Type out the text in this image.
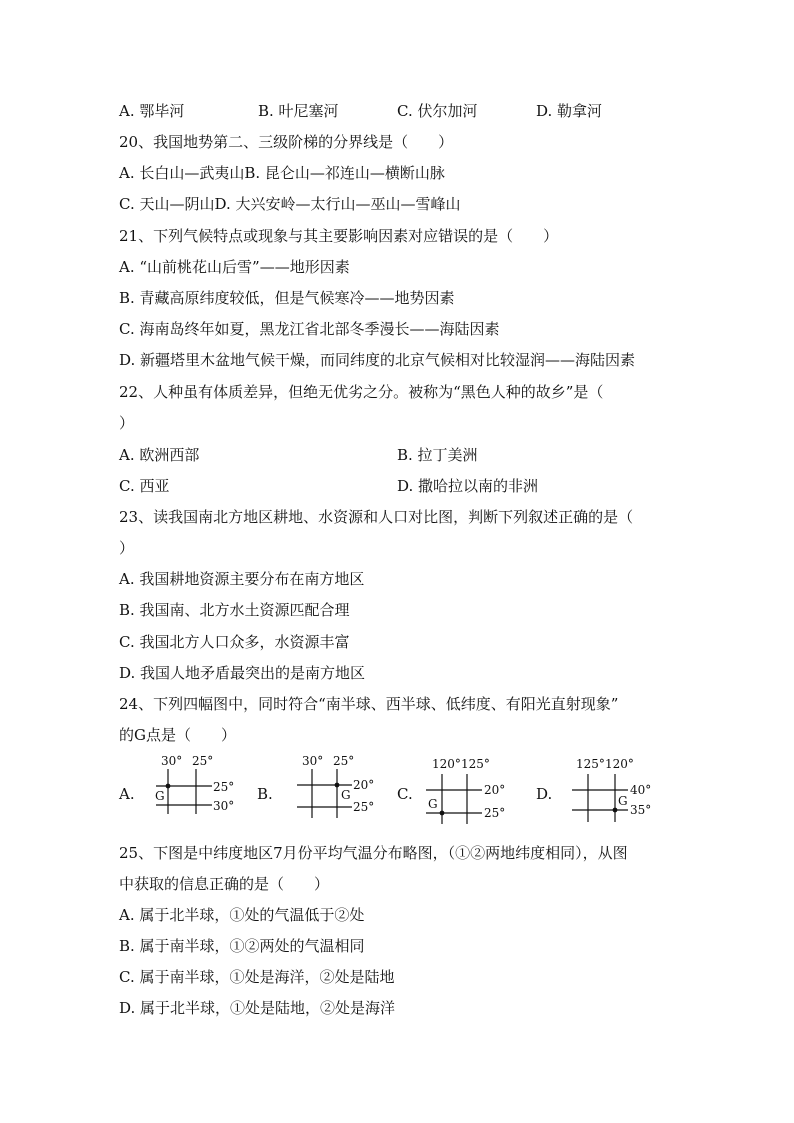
A. 鄂毕河	B. 叶尼塞河	C. 伏尔加河	D. 勒拿河
20、我国地势第二、三级阶梯的分界线是（　　）
A. 长白山—武夷山B. 昆仑山—祁连山—横断山脉
C. 天山—阴山D. 大兴安岭—太行山—巫山—雪峰山
21、下列气候特点或现象与其主要影响因素对应错误的是（　　）
A. “山前桃花山后雪”——地形因素
B. 青藏高原纬度较低，但是气候寒冷——地势因素
C. 海南岛终年如夏，黑龙江省北部冬季漫长——海陆因素
D. 新疆塔里木盆地气候干燥，而同纬度的北京气候相对比较湿润——海陆因素
22、人种虽有体质差异，但绝无优劣之分。被称为“黑色人种的故乡”是（
）
A. 欧洲西部	B. 拉丁美洲
C. 西亚	D. 撒哈拉以南的非洲
23、读我国南北方地区耕地、水资源和人口对比图，判断下列叙述正确的是（
）
A. 我国耕地资源主要分布在南方地区
B. 我国南、北方水土资源匹配合理
C. 我国北方人口众多，水资源丰富
D. 我国人地矛盾最突出的是南方地区
24、下列四幅图中，同时符合“南半球、西半球、低纬度、有阳光直射现象”
的G点是（　　）
A.
30° 25°
25°
30°
G	B.
30° 25°
20°
25°
G	C.
120° 125°
20°
25°
G
D.
125° 120°
40°
35°
G
25、下图是中纬度地区7月份平均气温分布略图，（①②两地纬度相同），从图
中获取的信息正确的是（　　）
A. 属于北半球，①处的气温低于②处
B. 属于南半球，①②两处的气温相同
C. 属于南半球，①处是海洋，②处是陆地
D. 属于北半球，①处是陆地，②处是海洋
